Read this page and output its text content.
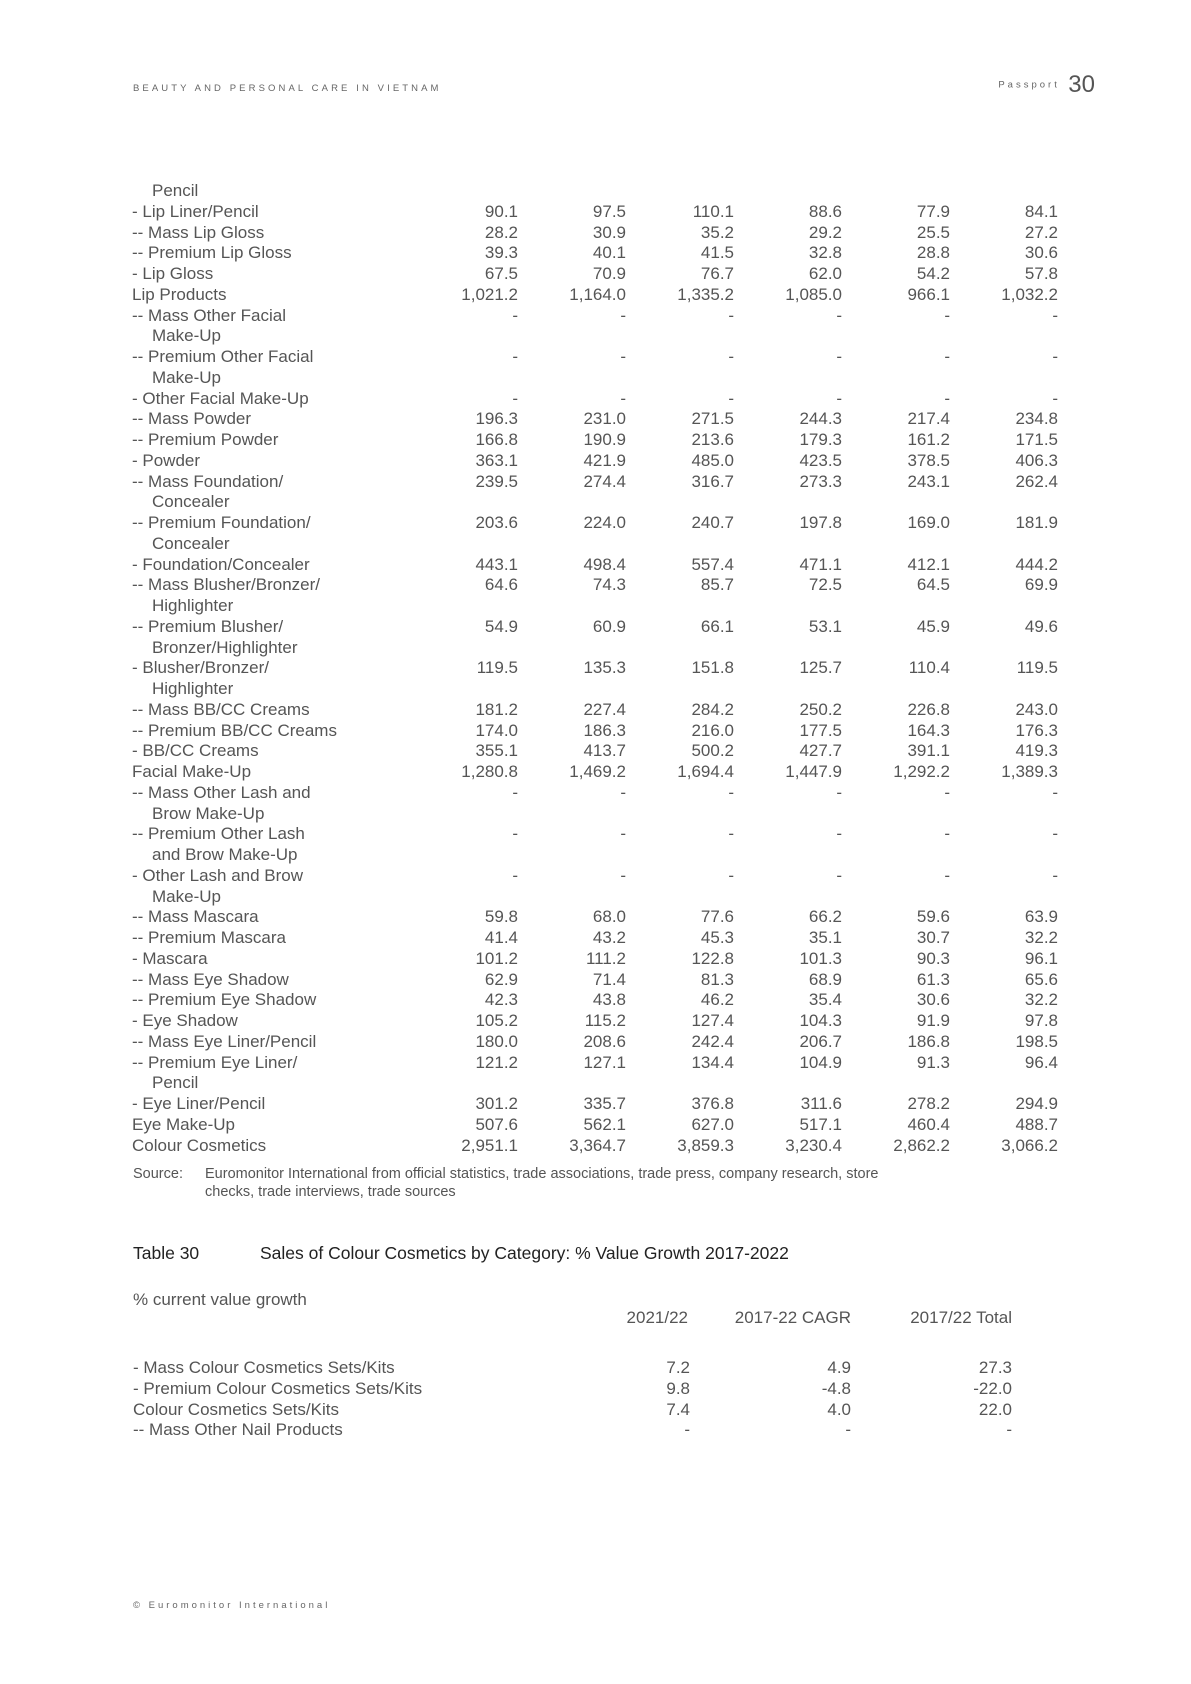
BEAUTY AND PERSONAL CARE IN VIETNAM	Passport 30
Pencil						
- Lip Liner/Pencil	90.1	97.5	110.1	88.6	77.9	84.1
-- Mass Lip Gloss	28.2	30.9	35.2	29.2	25.5	27.2
-- Premium Lip Gloss	39.3	40.1	41.5	32.8	28.8	30.6
- Lip Gloss	67.5	70.9	76.7	62.0	54.2	57.8
Lip Products	1,021.2	1,164.0	1,335.2	1,085.0	966.1	1,032.2
-- Mass Other Facial	-	-	-	-	-	-
Make-Up						
-- Premium Other Facial	-	-	-	-	-	-
Make-Up						
- Other Facial Make-Up	-	-	-	-	-	-
-- Mass Powder	196.3	231.0	271.5	244.3	217.4	234.8
-- Premium Powder	166.8	190.9	213.6	179.3	161.2	171.5
- Powder	363.1	421.9	485.0	423.5	378.5	406.3
-- Mass Foundation/	239.5	274.4	316.7	273.3	243.1	262.4
Concealer						
-- Premium Foundation/	203.6	224.0	240.7	197.8	169.0	181.9
Concealer						
- Foundation/Concealer	443.1	498.4	557.4	471.1	412.1	444.2
-- Mass Blusher/Bronzer/	64.6	74.3	85.7	72.5	64.5	69.9
Highlighter						
-- Premium Blusher/	54.9	60.9	66.1	53.1	45.9	49.6
Bronzer/Highlighter						
- Blusher/Bronzer/	119.5	135.3	151.8	125.7	110.4	119.5
Highlighter						
-- Mass BB/CC Creams	181.2	227.4	284.2	250.2	226.8	243.0
-- Premium BB/CC Creams	174.0	186.3	216.0	177.5	164.3	176.3
- BB/CC Creams	355.1	413.7	500.2	427.7	391.1	419.3
Facial Make-Up	1,280.8	1,469.2	1,694.4	1,447.9	1,292.2	1,389.3
-- Mass Other Lash and	-	-	-	-	-	-
Brow Make-Up						
-- Premium Other Lash	-	-	-	-	-	-
and Brow Make-Up						
- Other Lash and Brow	-	-	-	-	-	-
Make-Up						
-- Mass Mascara	59.8	68.0	77.6	66.2	59.6	63.9
-- Premium Mascara	41.4	43.2	45.3	35.1	30.7	32.2
- Mascara	101.2	111.2	122.8	101.3	90.3	96.1
-- Mass Eye Shadow	62.9	71.4	81.3	68.9	61.3	65.6
-- Premium Eye Shadow	42.3	43.8	46.2	35.4	30.6	32.2
- Eye Shadow	105.2	115.2	127.4	104.3	91.9	97.8
-- Mass Eye Liner/Pencil	180.0	208.6	242.4	206.7	186.8	198.5
-- Premium Eye Liner/	121.2	127.1	134.4	104.9	91.3	96.4
Pencil						
- Eye Liner/Pencil	301.2	335.7	376.8	311.6	278.2	294.9
Eye Make-Up	507.6	562.1	627.0	517.1	460.4	488.7
Colour Cosmetics	2,951.1	3,364.7	3,859.3	3,230.4	2,862.2	3,066.2
Source: Euromonitor International from official statistics, trade associations, trade press, company research, store checks, trade interviews, trade sources
Table 30	Sales of Colour Cosmetics by Category: % Value Growth 2017-2022
% current value growth
2021/22	2017-22 CAGR	2017/22 Total
- Mass Colour Cosmetics Sets/Kits	7.2	4.9	27.3
- Premium Colour Cosmetics Sets/Kits	9.8	-4.8	-22.0
Colour Cosmetics Sets/Kits	7.4	4.0	22.0
-- Mass Other Nail Products	-	-	-
© Euromonitor International
